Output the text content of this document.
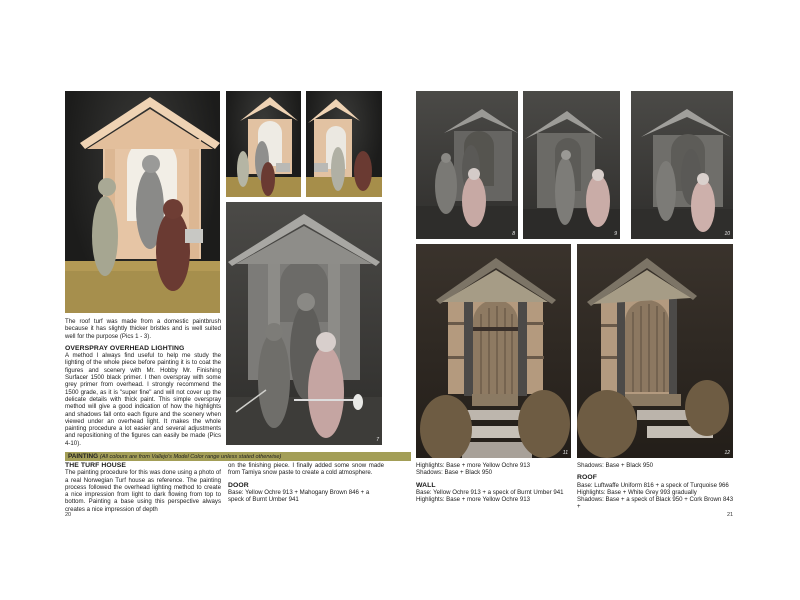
The roof turf was made from a domestic paintbrush because it has slightly thicker bristles and is well suited well for the purpose (Pics 1 - 3).

OVERSPRAY OVERHEAD LIGHTING

A method I always find useful to help me study the lighting of the whole piece before painting it is to coat the figures and scenery with Mr. Hobby Mr. Finishing Surfacer 1500 black primer. I then overspray with some grey primer from overhead. I strongly recommend the 1500 grade, as it is "super fine" and will not cover up the delicate details with thick paint. This simple overspray method will give a good indication of how the highlights and shadows fall onto each figure and the scenery when viewed under an overhead light. It makes the whole painting procedure a lot easier and several adjustments and repositioning of the figures can easily be made (Pics 4-10).	7
PAINTING (All colours are from Vallejo's Model Color range unless stated otherwise)

THE TURF HOUSE

The painting procedure for this was done using a photo of a real Norwegian Turf house as reference. The painting process followed the overhead lighting method to create a nice impression from light to dark flowing from top to bottom. Painting a base using this perspective always creates a nice impression of depth

on the finishing piece. I finally added some snow made from Tamiya snow paste to create a cold atmosphere.

DOOR

Base: Yellow Ochre 913 + Mahogany Brown 846 + a speck of Burnt Umber 941

20
8	9	10
11	12

Highlights: Base + more Yellow Ochre 913

Shadows: Base + Black 950

WALL

Base: Yellow Ochre 913 + a speck of Burnt Umber 941

Highlights: Base + more Yellow Ochre 913

Shadows: Base + Black 950

ROOF

Base: Luftwaffe Uniform 816 + a speck of Turquoise 966

Highlights: Base + White Grey 993 gradually

Shadows: Base + a speck of Black 950 + Cork Brown 843 +

21
